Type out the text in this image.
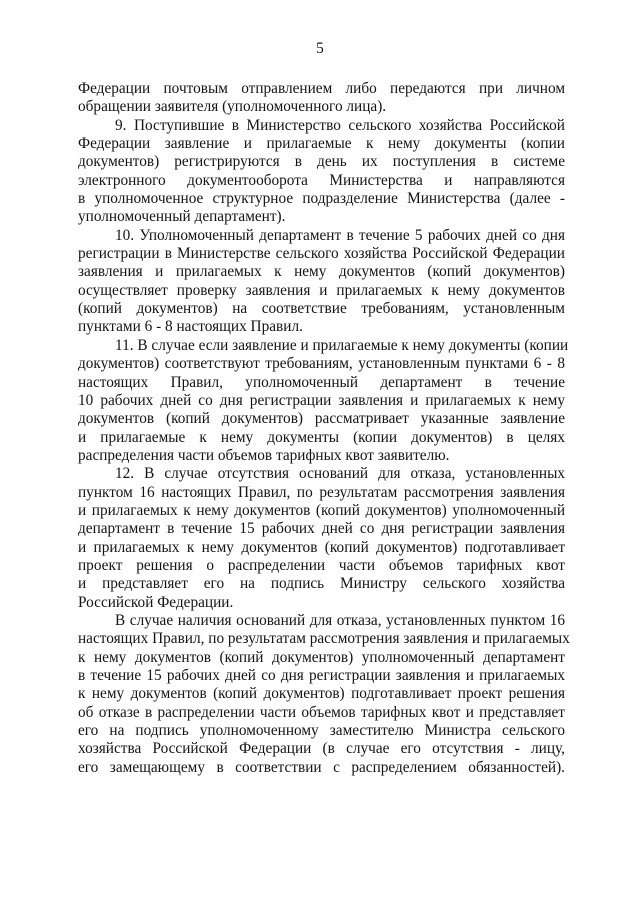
5
Федерации почтовым отправлением либо передаются при личном
обращении заявителя (уполномоченного лица).
9. Поступившие в Министерство сельского хозяйства Российской
Федерации заявление и прилагаемые к нему документы (копии
документов) регистрируются в день их поступления в системе
электронного документооборота Министерства и направляются
в уполномоченное структурное подразделение Министерства (далее -
уполномоченный департамент).
10. Уполномоченный департамент в течение 5 рабочих дней со дня
регистрации в Министерстве сельского хозяйства Российской Федерации
заявления и прилагаемых к нему документов (копий документов)
осуществляет проверку заявления и прилагаемых к нему документов
(копий документов) на соответствие требованиям, установленным
пунктами 6 - 8 настоящих Правил.
11. В случае если заявление и прилагаемые к нему документы (копии
документов) соответствуют требованиям, установленным пунктами 6 - 8
настоящих Правил, уполномоченный департамент в течение
10 рабочих дней со дня регистрации заявления и прилагаемых к нему
документов (копий документов) рассматривает указанные заявление
и прилагаемые к нему документы (копии документов) в целях
распределения части объемов тарифных квот заявителю.
12. В случае отсутствия оснований для отказа, установленных
пунктом 16 настоящих Правил, по результатам рассмотрения заявления
и прилагаемых к нему документов (копий документов) уполномоченный
департамент в течение 15 рабочих дней со дня регистрации заявления
и прилагаемых к нему документов (копий документов) подготавливает
проект решения о распределении части объемов тарифных квот
и представляет его на подпись Министру сельского хозяйства
Российской Федерации.
В случае наличия оснований для отказа, установленных пунктом 16
настоящих Правил, по результатам рассмотрения заявления и прилагаемых
к нему документов (копий документов) уполномоченный департамент
в течение 15 рабочих дней со дня регистрации заявления и прилагаемых
к нему документов (копий документов) подготавливает проект решения
об отказе в распределении части объемов тарифных квот и представляет
его на подпись уполномоченному заместителю Министра сельского
хозяйства Российской Федерации (в случае его отсутствия - лицу,
его замещающему в соответствии с распределением обязанностей).
